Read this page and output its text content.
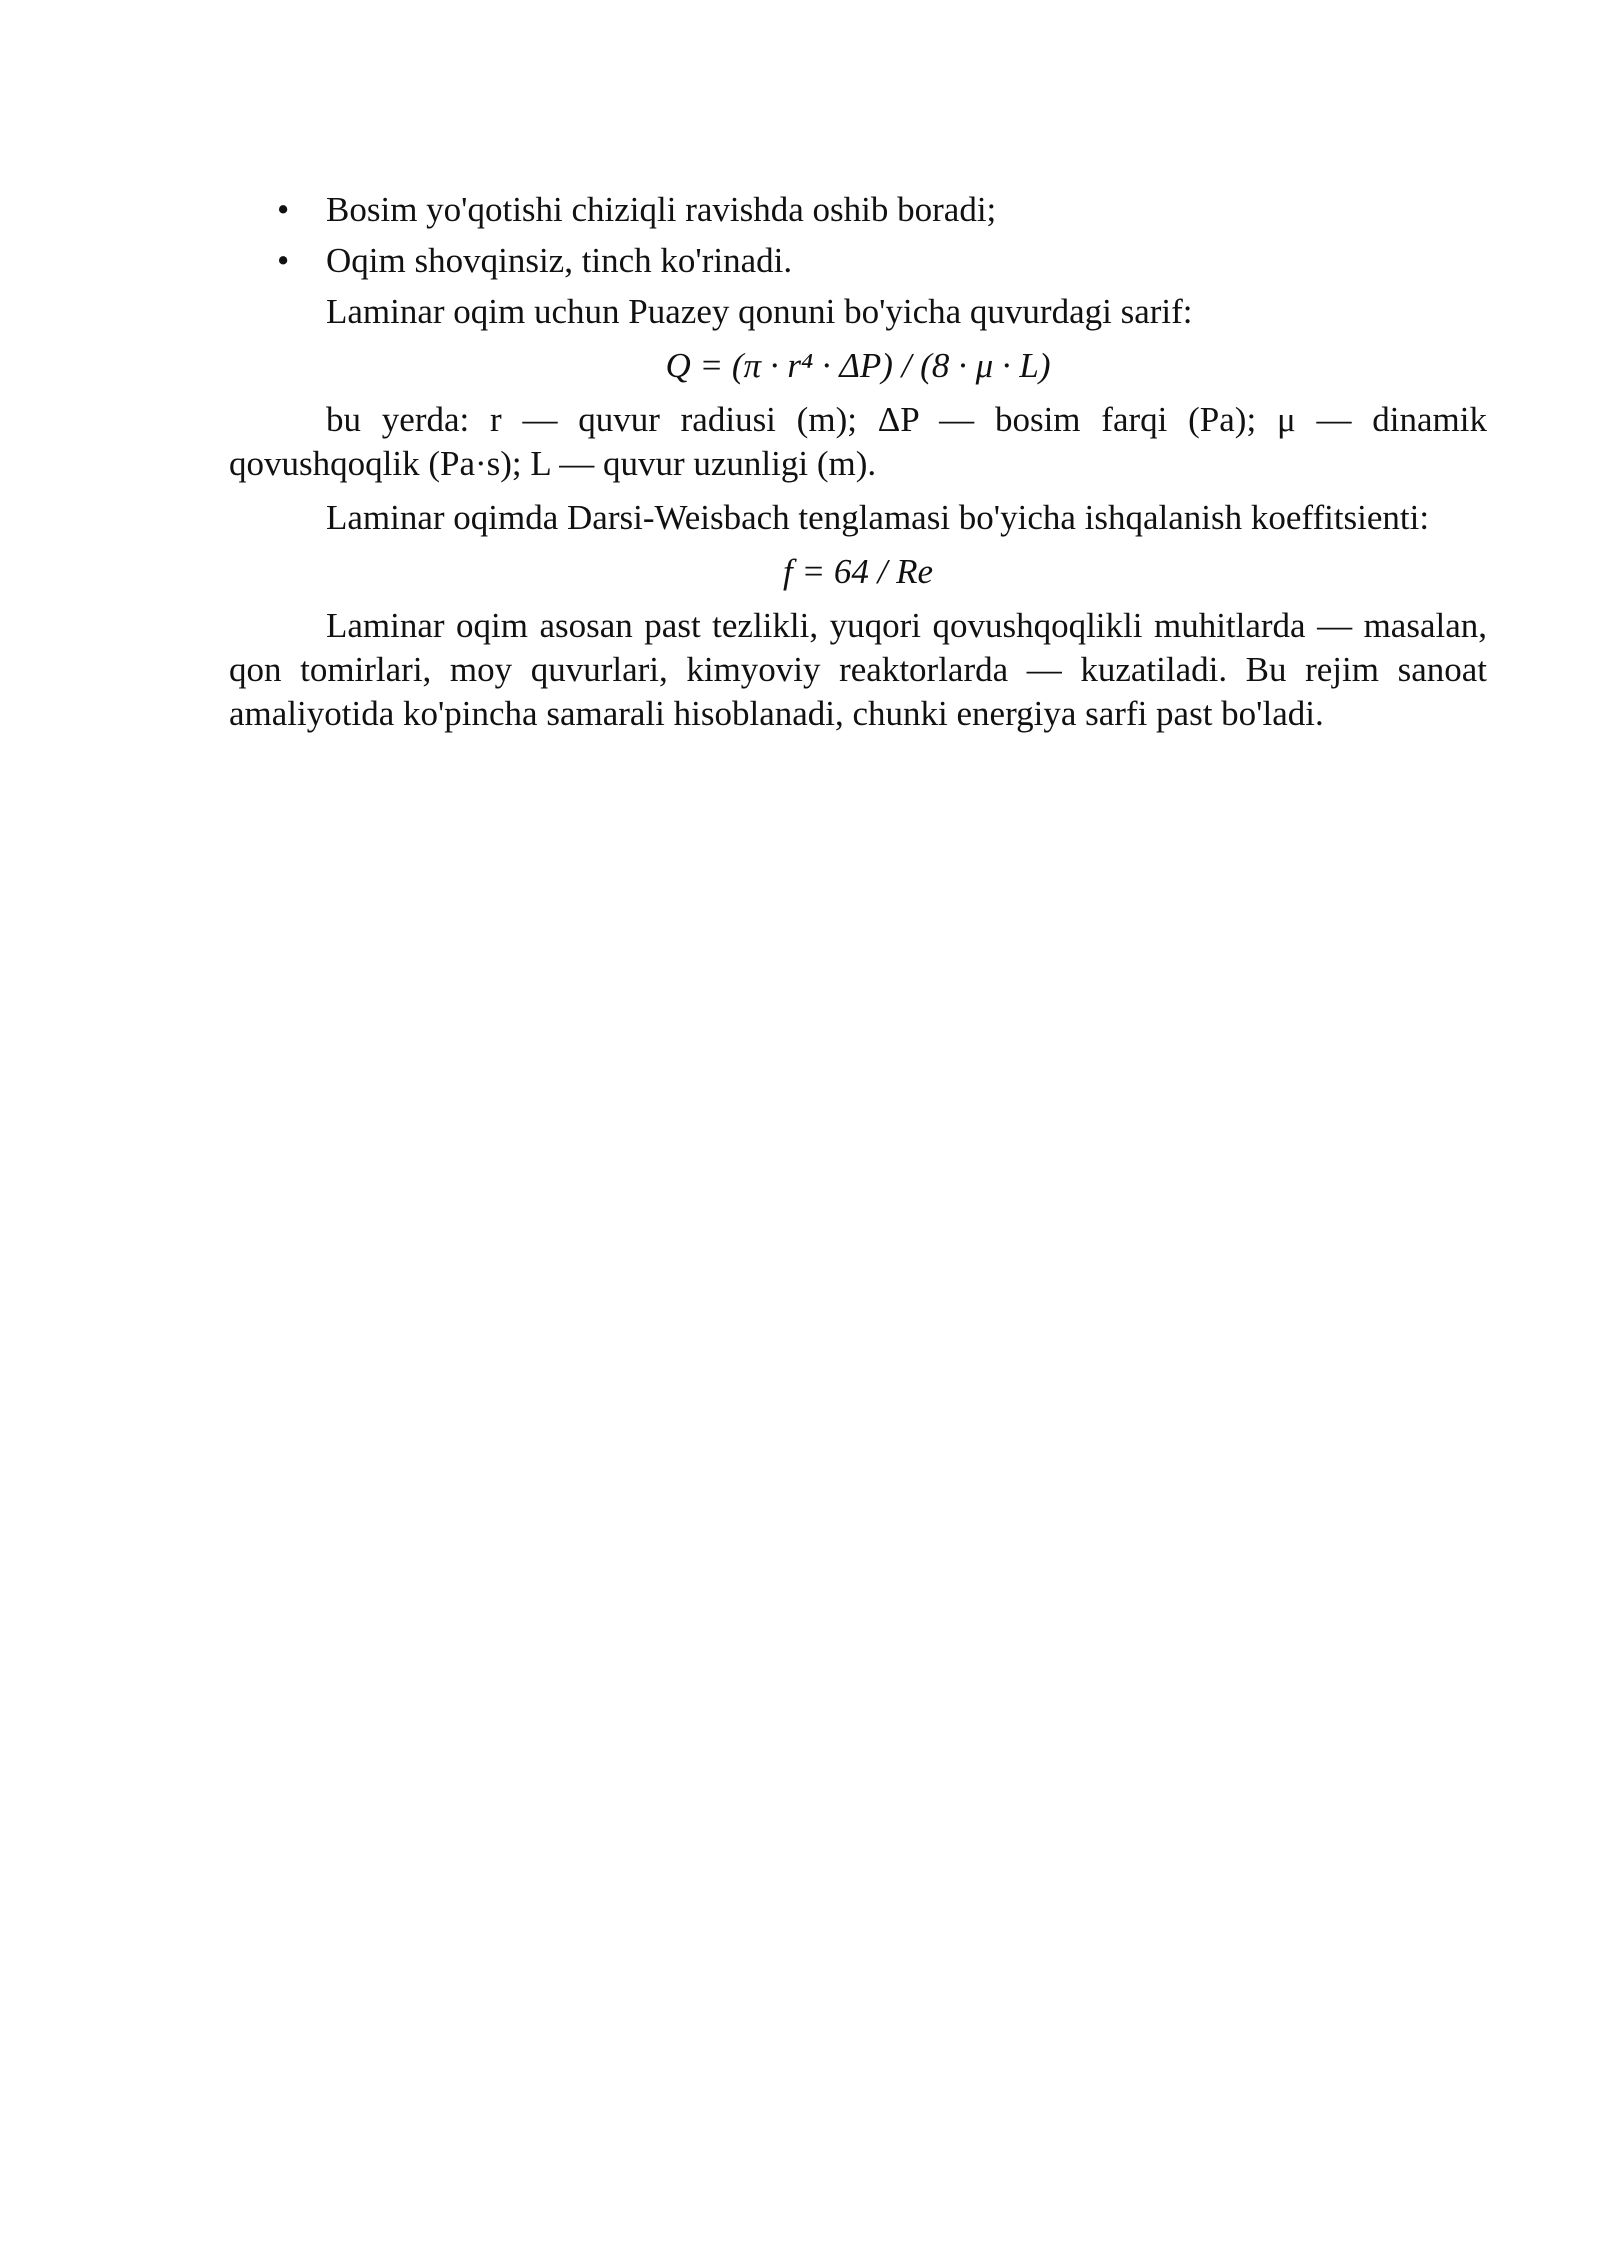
• Bosim yo'qotishi chiziqli ravishda oshib boradi;
• Oqim shovqinsiz, tinch ko'rinadi.

Laminar oqim uchun Puazey qonuni bo'yicha quvurdagi sarif:

Q = (π · r⁴ · ΔP) / (8 · μ · L)

bu yerda: r — quvur radiusi (m); ΔP — bosim farqi (Pa); μ — dinamik qovushqoqlik (Pa·s); L — quvur uzunligi (m).

Laminar oqimda Darsi-Weisbach tenglamasi bo'yicha ishqalanish koeffitsienti:

f = 64 / Re

Laminar oqim asosan past tezlikli, yuqori qovushqoqlikli muhitlarda — masalan, qon tomirlari, moy quvurlari, kimyoviy reaktorlarda — kuzatiladi. Bu rejim sanoat amaliyotida ko'pincha samarali hisoblanadi, chunki energiya sarfi past bo'ladi.
